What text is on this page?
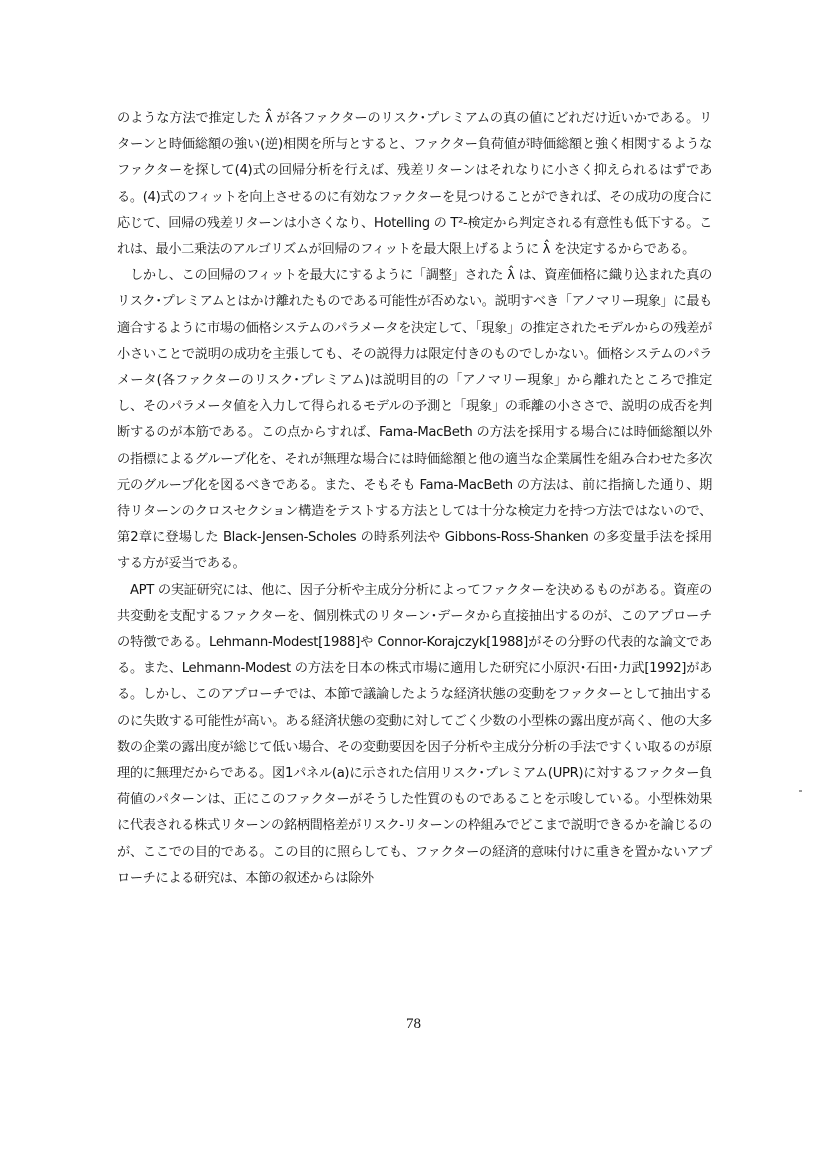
のような方法で推定した λ̂ が各ファクターのリスク･プレミアムの真の値にどれだけ近いかである。リターンと時価総額の強い(逆)相関を所与とすると、ファクター負荷値が時価総額と強く相関するようなファクターを探して(4)式の回帰分析を行えば、残差リターンはそれなりに小さく抑えられるはずである。(4)式のフィットを向上させるのに有効なファクターを見つけることができれば、その成功の度合に応じて、回帰の残差リターンは小さくなり、Hotelling の T²-検定から判定される有意性も低下する。これは、最小二乗法のアルゴリズムが回帰のフィットを最大限上げるように λ̂ を決定するからである。

しかし、この回帰のフィットを最大にするように「調整」された λ̂ は、資産価格に織り込まれた真のリスク･プレミアムとはかけ離れたものである可能性が否めない。説明すべき「アノマリー現象」に最も適合するように市場の価格システムのパラメータを決定して、「現象」の推定されたモデルからの残差が小さいことで説明の成功を主張しても、その説得力は限定付きのものでしかない。価格システムのパラメータ(各ファクターのリスク･プレミアム)は説明目的の「アノマリー現象」から離れたところで推定し、そのパラメータ値を入力して得られるモデルの予測と「現象」の乖離の小ささで、説明の成否を判断するのが本筋である。この点からすれば、Fama-MacBeth の方法を採用する場合には時価総額以外の指標によるグループ化を、それが無理な場合には時価総額と他の適当な企業属性を組み合わせた多次元のグループ化を図るべきである。また、そもそも Fama-MacBeth の方法は、前に指摘した通り、期待リターンのクロスセクション構造をテストする方法としては十分な検定力を持つ方法ではないので、第2章に登場した Black-Jensen-Scholes の時系列法や Gibbons-Ross-Shanken の多変量手法を採用する方が妥当である。

APT の実証研究には、他に、因子分析や主成分分析によってファクターを決めるものがある。資産の共変動を支配するファクターを、個別株式のリターン･データから直接抽出するのが、このアプローチの特徴である。Lehmann-Modest[1988]や Connor-Korajczyk[1988]がその分野の代表的な論文である。また、Lehmann-Modest の方法を日本の株式市場に適用した研究に小原沢･石田･力武[1992]がある。しかし、このアプローチでは、本節で議論したような経済状態の変動をファクターとして抽出するのに失敗する可能性が高い。ある経済状態の変動に対してごく少数の小型株の露出度が高く、他の大多数の企業の露出度が総じて低い場合、その変動要因を因子分析や主成分分析の手法ですくい取るのが原理的に無理だからである。図1パネル(a)に示された信用リスク･プレミアム(UPR)に対するファクター負荷値のパターンは、正にこのファクターがそうした性質のものであることを示唆している。小型株効果に代表される株式リターンの銘柄間格差がリスク-リターンの枠組みでどこまで説明できるかを論じるのが、ここでの目的である。この目的に照らしても、ファクターの経済的意味付けに重きを置かないアプローチによる研究は、本節の叙述からは除外

78
